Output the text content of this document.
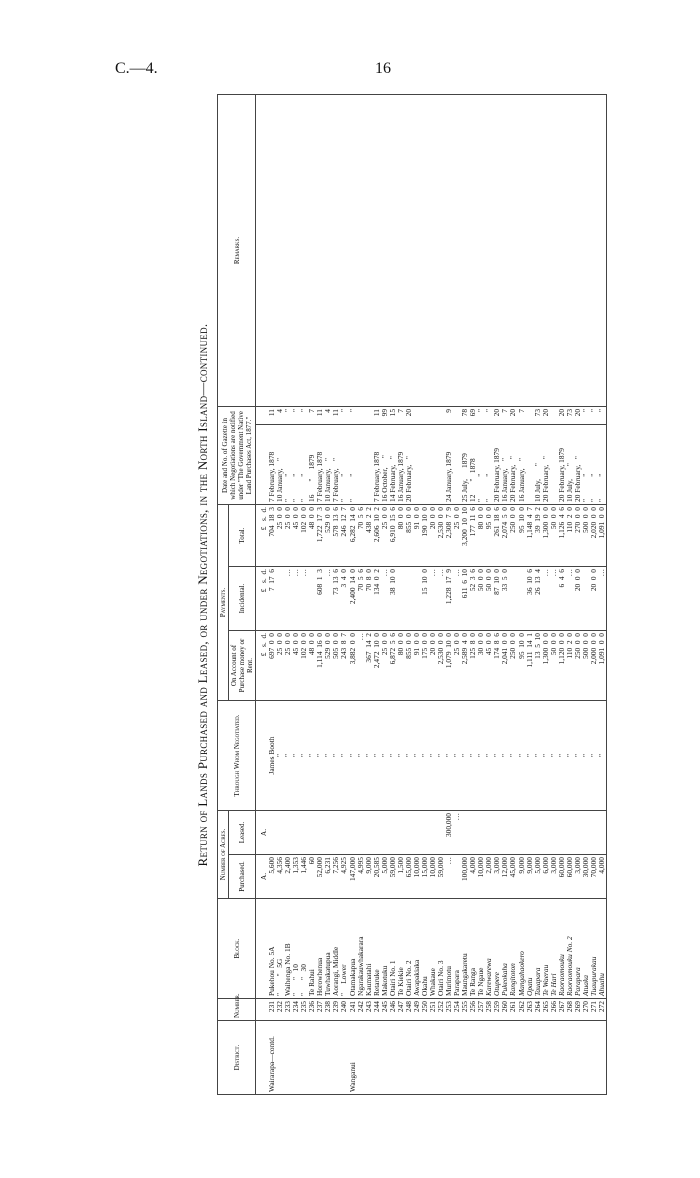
C.—4.	16
Return of Lands Purchased and Leased, or under Negotiations, in the North Island—continued.
District.	Number.	Block.	Number of Acres.		Through Whom Negotiated.	Payments.			Date and No. of Gazette in which Negotiations are notified under "The Government Native Land Purchases Act, 1877."		Remarks.
			Purchased.	Leased.		On Account of Purchase money or Rent.	Incidental.	Total.			
			A.	A.		£   s.  d.	£   s.  d.	£   s.  d.			
Wairarapa—contd.	231	Pukehou No. 5A	5,600		James Booth	697  0  0	7  17  6	704  18  3	7 February, 1878	11	
	232	"         "   5G	4,356		"	25  0  0		25  0  0	10 January,    "	4	
	233	Waihenga No. 1B	2,400		"	25  0  0	…	25  0  0	"            "	"	
	234	"       "   10	1,353		"	45  0  0	…	45  0  0	"            "	"	
	235	"       "   30	1,446		"	102  0  0	…	102  0  0	"            "	"	
	236	Te Rahui	60		"	48  0  0		48  0  0	16       "     1879	7	
	237	Horowhenua	52,000		"	1,114  16  0	608  1  3	1,722  17  3	7 February, 1878	11	
	238	Tuwhakatupua	6,231		"	529  0  0	…	529  0  0	10 January,    "	4	
	239	Aorangi, Middle	7,256		"	505  0  0	73  13  6	578  13  6	7 February,    "	11	
	240	"     Lower	4,925		"	243  8  7	3  4  0	246  12  7	"            "	"	
Wanganui	241	Otamakapua	147,000		"	3,882  0  0	2,400  14  0	6,282  14  0	"            "	"	
	242	Ngarakauwhakarara	4,995		"	…	70  5  6	70  5  6			
	243	Kaumatahi	9,000		"	367  14  2	70  8  0	438  2  2			
	244	Retaruke	20,585		"	2,472  10  0	134  0  2	2,606  10  2	7 February, 1878	11	
	245	Makotuku	5,000		"	25  0  0	…	25  0  0	16 October,     "	99	
	246	Otairi No. 1	59,000		"	6,872  5  6	38  10  0	6,910  15  6	14 February,   "	15	
	247	Te Kiekie	1,500		"	80  0  0		80  0  0	16 January, 1879	7	
	248	Otairi No. 2	65,000		"	855  0  0		855  0  0	20 February,   "	20	
	249	Awapakiaka	10,000		"	91  0  0		91  0  0			
	250	Okahu	15,000		"	175  0  0	15  10  0	190  10  0			
	251	Whakaue	10,000		"	20  0  0	…	20  0  0			
	252	Otairi No. 3	59,000		"	2,530  0  0	…	2,530  0  0			
	253	Murimotu	…	300,000	"	1,079  10  0	1,228  17  9	2,308  7  9	24 January, 1879	9	
	254	Parapara		…	"	25  0  0	…	25  0  0			
	255	Maungakaretu	100,000		"	2,589  4  0	611  6  10	3,200  10  10	25 July,      1879	78	
	256	Te Ranga	4,000		"	125  8  0	52  3  6	177  11  6	12       "   1878	69	
	257	Te Ngaue	10,000		"	30  0  0	50  0  0	80  0  0	"            "	"	
	258	Karewarewa	2,000		"	45  0  0	50  0  0	95  0  0	"            "	"	
	259	Otupere	3,000		"	174  8  6	87  10  0	261  18  6	20 February, 1879	20	
	260	Pukeokaha	12,000		"	2,041  0  0	33  5  0	2,074  5  0	16 January,    "	7	
	261	Rangitoton	45,000		"	250  0  0		250  0  0	20 February,   "	20	
	262	Mangahaokero	9,000		"	95  10  0		95  10  0	16 January,    "	7	
	263	Opatu	9,000		"	1,111  14  1	36  10  6	1,148  4  7			
	264	Tauapara	5,000		"	13  5  10	26  13  4	39  19  2	10 July,       "	73	
	265	Te Waerau	6,000		"	1,300  0  0	…	1,300  0  0	20 February,   "	20	
	266	Te Hari	3,000		"	50  0  0	…	50  0  0			
	267	Raoraomouku	60,000		"	1,120  0  0	6  4  6	1,126  4  6	20 February, 1879	20	
	268	Raoraomouku No. 2	60,000		"	110  2  0	…	110  2  0	10 July,       "	73	
	269	Parapara	3,000		"	250  0  0	20  0  0	270  0  0	20 February,   "	20	
	270	Atuaka	30,000		"	500  0  0		500  0  0	"            "	"	
	271	Tuaupurakau	70,000		"	2,000  0  0	20  0  0	2,020  0  0	"            "	"	
	272	Ahuahu	4,000		"	1,091  0  0	…	1,091  0  0	"            "	"	
